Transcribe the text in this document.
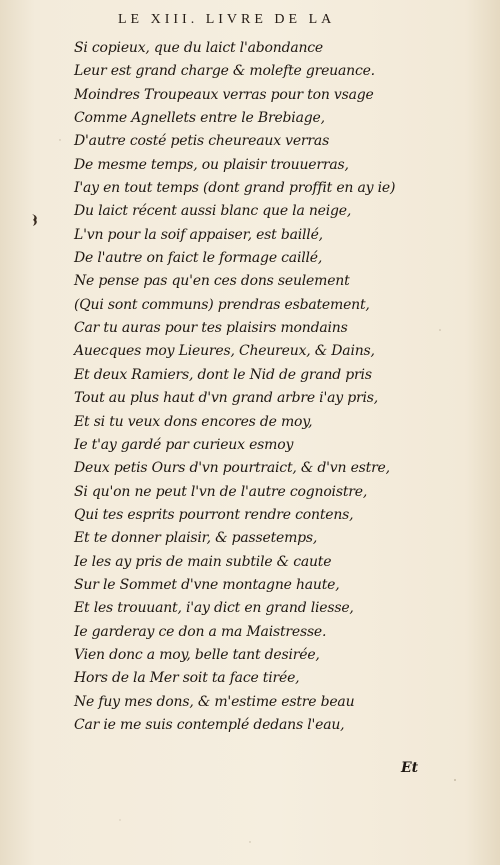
LE XIII. LIVRE DE LA
Si copieux, que du laict l'abondance
Leur est grand charge & molefte greuance.
Moindres Troupeaux verras pour ton vsage
Comme Agnellets entre le Brebiage,
D'autre costé petis cheureaux verras
De mesme temps, ou plaisir trouuerras,
I'ay en tout temps (dont grand proffit en ay ie)
Du laict récent aussi blanc que la neige,
L'vn pour la soif appaiser, est baillé,
De l'autre on faict le formage caillé,
Ne pense pas qu'en ces dons seulement
(Qui sont communs) prendras esbatement,
Car tu auras pour tes plaisirs mondains
Auecques moy Lieures, Cheureux, & Dains,
Et deux Ramiers, dont le Nid de grand pris
Tout au plus haut d'vn grand arbre i'ay pris,
Et si tu veux dons encores de moy,
Ie t'ay gardé par curieux esmoy
Deux petis Ours d'vn pourtraict, & d'vn estre,
Si qu'on ne peut l'vn de l'autre cognoistre,
Qui tes esprits pourront rendre contens,
Et te donner plaisir, & passetemps,
Ie les ay pris de main subtile & caute
Sur le Sommet d'vne montagne haute,
Et les trouuant, i'ay dict en grand liesse,
Ie garderay ce don a ma Maistresse.
Vien donc a moy, belle tant desirée,
Hors de la Mer soit ta face tirée,
Ne fuy mes dons, & m'estime estre beau
Car ie me suis contemplé dedans l'eau,
Et
